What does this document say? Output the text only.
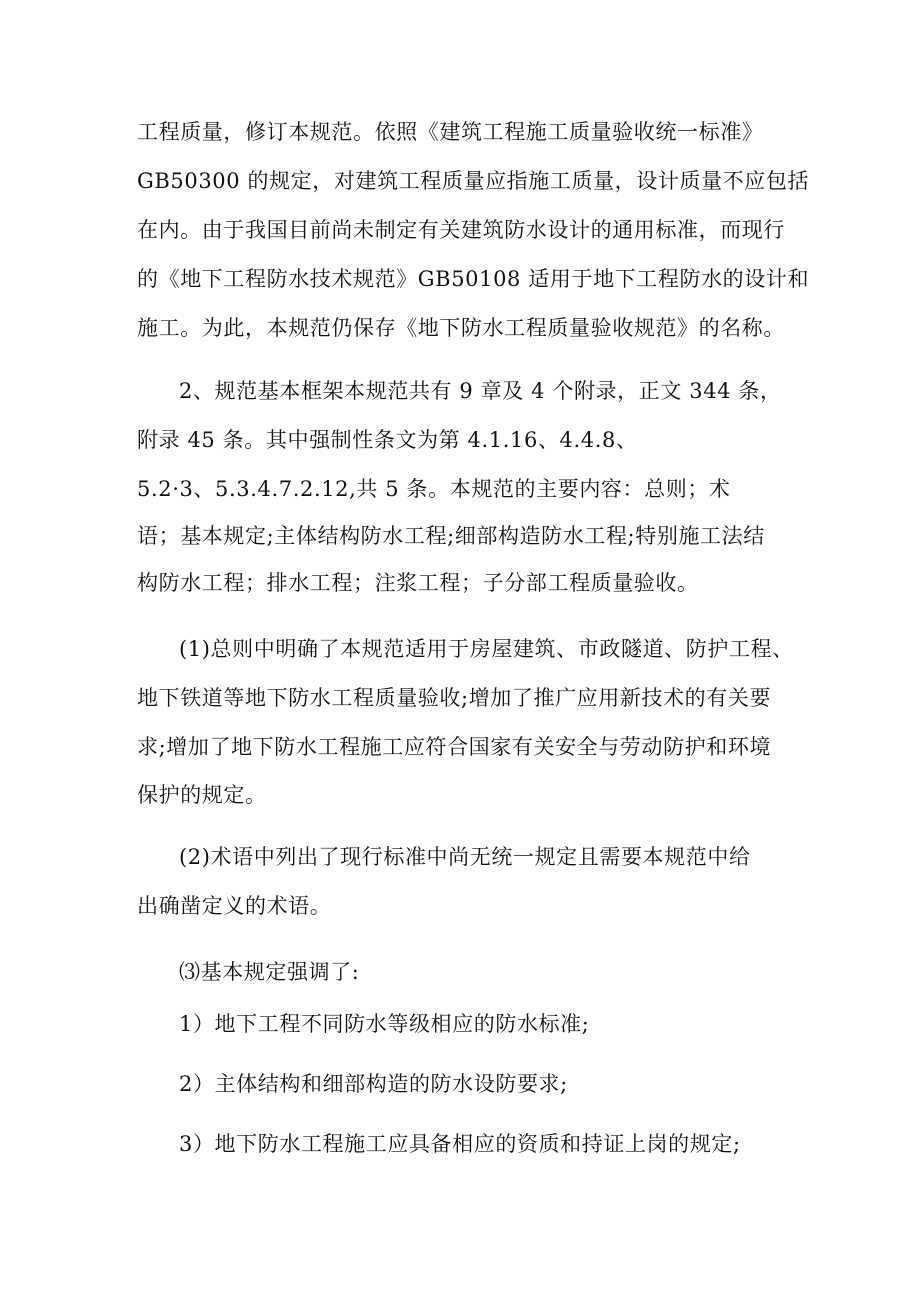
工程质量，修订本规范。依照《建筑工程施工质量验收统一标准》
GB50300 的规定，对建筑工程质量应指施工质量，设计质量不应包括
在内。由于我国目前尚未制定有关建筑防水设计的通用标准，而现行
的《地下工程防水技术规范》GB50108 适用于地下工程防水的设计和
施工。为此，本规范仍保存《地下防水工程质量验收规范》的名称。
2、规范基本框架本规范共有 9 章及 4 个附录，正文 344 条，
附录 45 条。其中强制性条文为第 4.1.16、4.4.8、
5.2·3、5.3.4.7.2.12,共 5 条。本规范的主要内容：总则；术
语；基本规定;主体结构防水工程;细部构造防水工程;特别施工法结
构防水工程；排水工程；注浆工程；子分部工程质量验收。
(1)总则中明确了本规范适用于房屋建筑、市政隧道、防护工程、
地下铁道等地下防水工程质量验收;增加了推广应用新技术的有关要
求;增加了地下防水工程施工应符合国家有关安全与劳动防护和环境
保护的规定。
(2)术语中列出了现行标准中尚无统一规定且需要本规范中给
出确凿定义的术语。
⑶基本规定强调了:
1）地下工程不同防水等级相应的防水标准;
2）主体结构和细部构造的防水设防要求;
3）地下防水工程施工应具备相应的资质和持证上岗的规定;
